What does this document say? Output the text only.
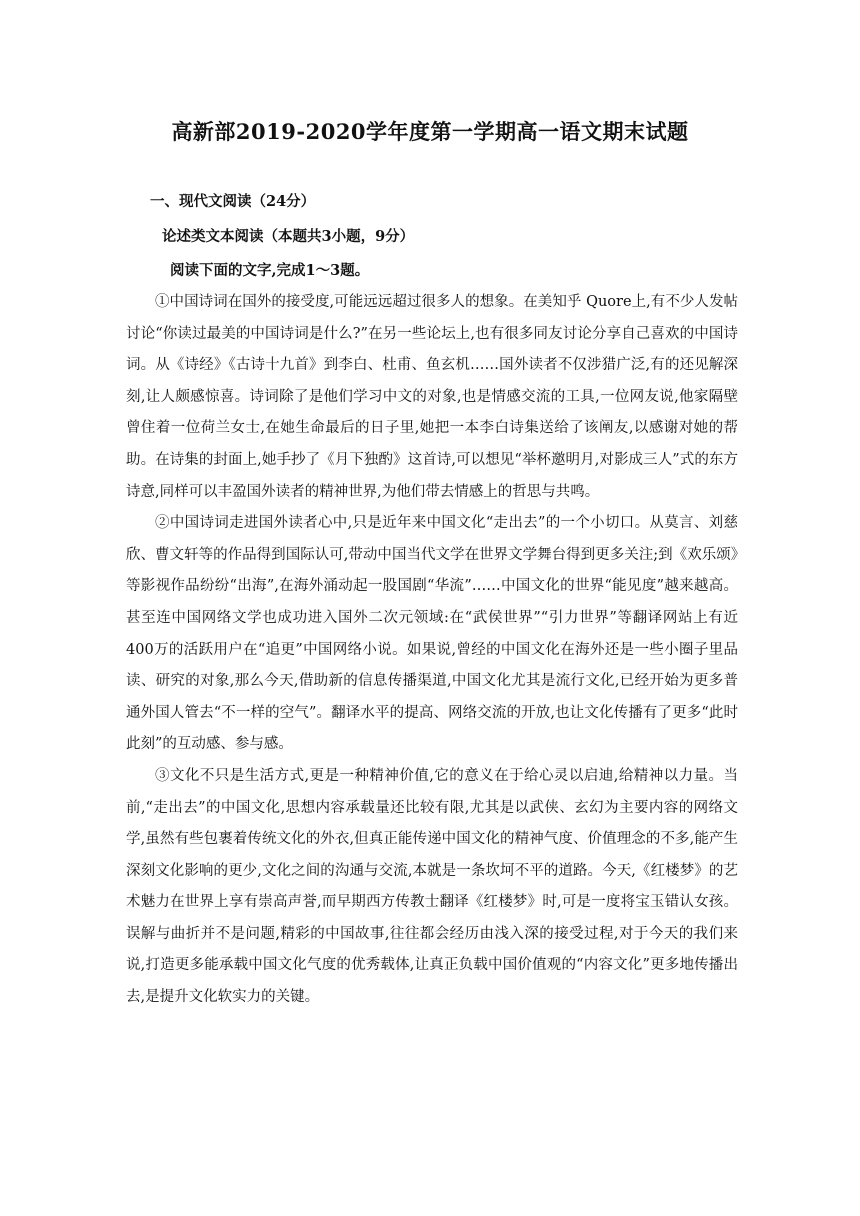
高新部2019-2020学年度第一学期高一语文期末试题
一、现代文阅读（24分）
论述类文本阅读（本题共3小题，9分）
阅读下面的文字,完成1～3题。

①中国诗词在国外的接受度,可能远远超过很多人的想象。在美知乎 Quore上,有不少人发帖讨论“你读过最美的中国诗词是什么?”在另一些论坛上,也有很多同友讨论分享自己喜欢的中国诗词。从《诗经》《古诗十九首》到李白、杜甫、鱼玄机……国外读者不仅涉猎广泛,有的还见解深刻,让人颇感惊喜。诗词除了是他们学习中文的对象,也是情感交流的工具,一位网友说,他家隔壁曾住着一位荷兰女士,在她生命最后的日子里,她把一本李白诗集送给了该阐友,以感谢对她的帮助。在诗集的封面上,她手抄了《月下独酌》这首诗,可以想见“举杯邀明月,对影成三人”式的东方诗意,同样可以丰盈国外读者的精神世界,为他们带去情感上的哲思与共鸣。

②中国诗词走进国外读者心中,只是近年来中国文化“走出去”的一个小切口。从莫言、刘慈欣、曹文轩等的作品得到国际认可,带动中国当代文学在世界文学舞台得到更多关注;到《欢乐颂》等影视作品纷纷“出海”,在海外涌动起一股国剧“华流”……中国文化的世界“能见度”越来越高。甚至连中国网络文学也成功进入国外二次元领域:在“武侯世界”“引力世界”等翻译网站上有近400万的活跃用户在“追更”中国网络小说。如果说,曾经的中国文化在海外还是一些小圈子里品读、研究的对象,那么今天,借助新的信息传播渠道,中国文化尤其是流行文化,已经开始为更多普通外国人管去“不一样的空气”。翻译水平的提高、网络交流的开放,也让文化传播有了更多“此时此刻”的互动感、参与感。

③文化不只是生活方式,更是一种精神价值,它的意义在于给心灵以启迪,给精神以力量。当前,“走出去”的中国文化,思想内容承载量还比较有限,尤其是以武侠、玄幻为主要内容的网络文学,虽然有些包裹着传统文化的外衣,但真正能传递中国文化的精神气度、价值理念的不多,能产生深刻文化影响的更少,文化之间的沟通与交流,本就是一条坎坷不平的道路。今天,《红楼梦》的艺术魅力在世界上享有崇高声誉,而早期西方传教士翻译《红楼梦》时,可是一度将宝玉错认女孩。误解与曲折并不是问题,精彩的中国故事,往往都会经历由浅入深的接受过程,对于今天的我们来说,打造更多能承载中国文化气度的优秀载体,让真正负载中国价值观的“内容文化”更多地传播出去,是提升文化软实力的关键。
